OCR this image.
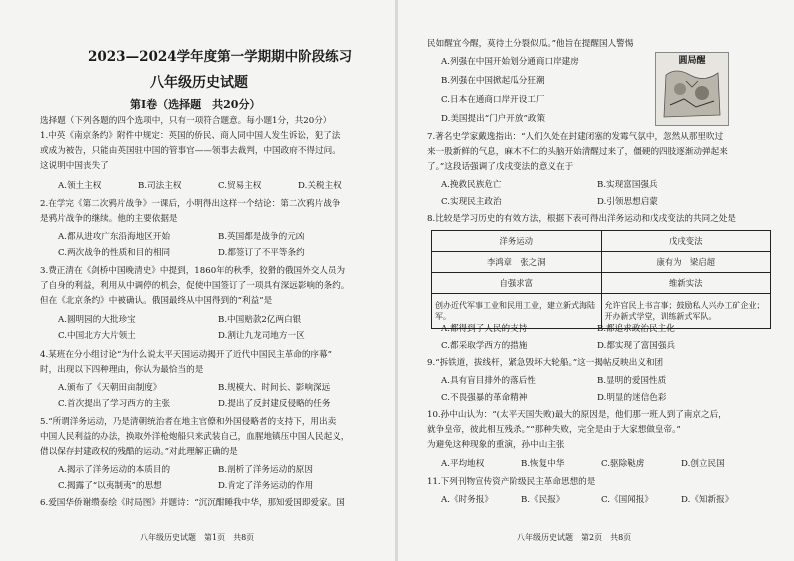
2023—2024学年度第一学期期中阶段练习
八年级历史试题
第Ⅰ卷（选择题　共20分）
选择题（下列各题的四个选项中，只有一项符合题意。每小题1分，共20分）
1.中英《南京条约》附件中规定：英国的侨民、商人同中国人发生诉讼，犯了法
或成为被告，只能由英国驻中国的管事官——领事去裁判，中国政府不得过问。
这说明中国丧失了
A.领土主权	B.司法主权	C.贸易主权	D.关税主权
2.在学完《第二次鸦片战争》一课后，小明得出这样一个结论：第二次鸦片战争
是鸦片战争的继续。他的主要依据是
A.都从进攻广东沿海地区开始	B.英国都是战争的元凶
C.两次战争的性质和目的相同	D.都签订了不平等条约
3.费正清在《剑桥中国晚清史》中提到，1860年的秋季，狡猾的俄国外交人员为
了自身的利益，利用从中调停的机会，促使中国签订了一项具有深远影响的条约。
但在《北京条约》中被确认。俄国最终从中国得到的“利益”是
A.圆明园的大批珍宝	B.中国赔款2亿两白银
C.中国北方大片领土	D.割让九龙司地方一区
4.某班在分小组讨论“为什么说太平天国运动揭开了近代中国民主革命的序幕”
时，出现以下四种理由，你认为最恰当的是
A.颁布了《天朝田亩制度》	B.规模大、时间长、影响深远
C.首次提出了学习西方的主张	D.提出了反封建反侵略的任务
5.“所谓洋务运动，乃是清朝统治者在地主官僚和外国侵略者的支持下，用出卖
中国人民利益的办法，换取外洋枪炮船只来武装自己，血腥地镇压中国人民起义，
借以保存封建政权的残酷的运动。”对此理解正确的是
A.揭示了洋务运动的本质目的	B.剖析了洋务运动的原因
C.揭露了“以夷制夷”的思想	D.肯定了洋务运动的作用
6.爱国华侨谢缵泰绘《时局图》并题诗：“沉沉酣睡我中华，那知爱国即爱家。国
八年级历史试题　第1页　共8页
民如醒宜今醒，莫待土分裂似瓜。”他旨在提醒国人警惕
圆局醒
A.列强在中国开始划分通商口岸建房
B.列强在中国掀起瓜分狂潮
C.日本在通商口岸开设工厂
D.美国提出“门户开放”政策
7.著名史学家戴逸指出：“人们久处在封建闭塞的发霉气氛中，忽然从那里吹过
来一股新鲜的气息，麻木不仁的头脑开始清醒过来了，僵硬的四肢逐渐动弹起来
了。”这段话强调了戊戌变法的意义在于
A.挽救民族危亡	B.实现富国强兵
C.实现民主政治	D.引领思想启蒙
8.比较是学习历史的有效方法，根据下表可得出洋务运动和戊戌变法的共同之处是
洋务运动	戊戌变法
李鸿章　张之洞	康有为　梁启超
自强求富	维新实法
创办近代军事工业和民用工业，建立新式海陆军。	允许官民上书言事；鼓励私人兴办工矿企业；开办新式学堂，训练新式军队。
A.都得到了人民的支持	B.都追求政治民主化
C.都采取学西方的措施	D.都实现了富国强兵
9.“拆铁道，拔线杆，紧急毁坏大轮船。”这一揭帖反映出义和团
A.具有盲目排外的落后性	B.显明的爱国性质
C.不畏强暴的革命精神	D.明显的迷信色彩
10.孙中山认为：“(太平天国失败)最大的原因是，他们那一班人到了南京之后，
就争皇帝，彼此相互残杀。”“那种失败，完全是由于大家想做皇帝。”
为避免这种现象的重演，孙中山主张
A.平均地权	B.恢复中华	C.驱除鞑虏	D.创立民国
11.下列刊物宣传资产阶级民主革命思想的是
A.《时务报》	B.《民报》	C.《国闻报》	D.《知新报》
八年级历史试题　第2页　共8页
